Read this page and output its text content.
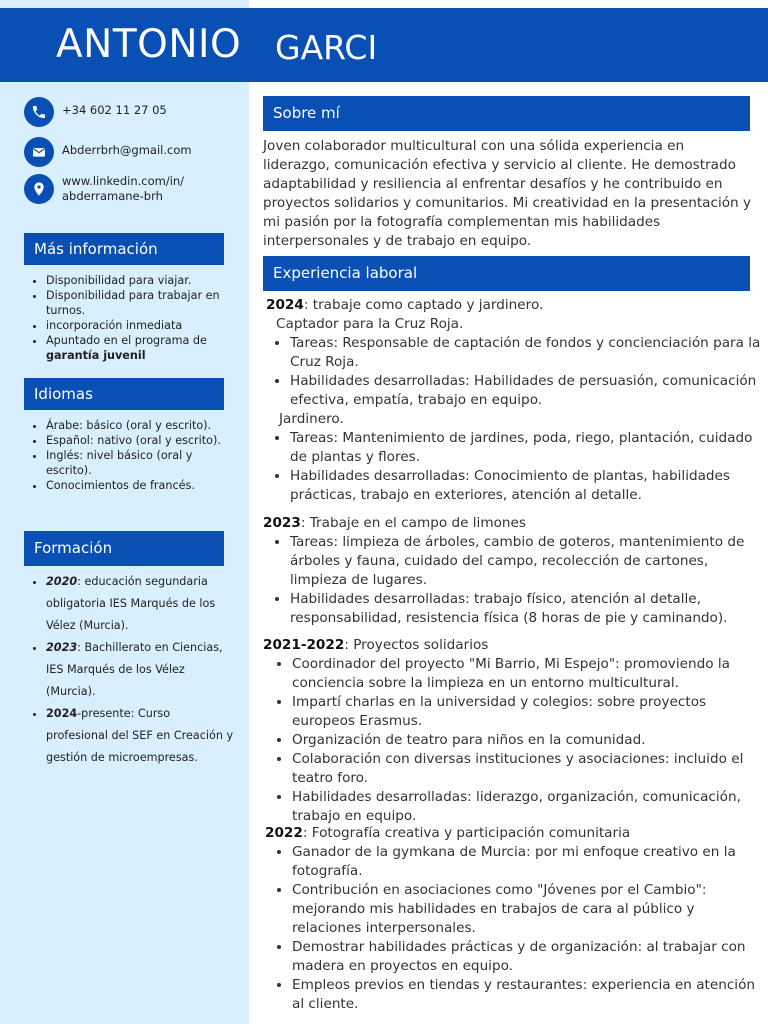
ANTONIO GARCI
+34 602 11 27 05
Abderrbrh@gmail.com
www.linkedin.com/in/
abderramane-brh
Más información
• Disponibilidad para viajar.
• Disponibilidad para trabajar en turnos.
• incorporación inmediata
• Apuntado en el programa de garantía juvenil
Idiomas
• Árabe: básico (oral y escrito).
• Español: nativo (oral y escrito).
• Inglés: nivel básico (oral y escrito).
• Conocimientos de francés.
Formación
• 2020: educación segundaria obligatoria IES Marqués de los Vélez (Murcia).
• 2023: Bachillerato en Ciencias, IES Marqués de los Vélez (Murcia).
• 2024-presente: Curso profesional del SEF en Creación y gestión de microempresas.
Sobre mí
Joven colaborador multicultural con una sólida experiencia en liderazgo, comunicación efectiva y servicio al cliente. He demostrado adaptabilidad y resiliencia al enfrentar desafíos y he contribuido en proyectos solidarios y comunitarios. Mi creatividad en la presentación y mi pasión por la fotografía complementan mis habilidades interpersonales y de trabajo en equipo.
Experiencia laboral
2024: trabaje como captado y jardinero.
Captador para la Cruz Roja.
• Tareas: Responsable de captación de fondos y concienciación para la Cruz Roja.
• Habilidades desarrolladas: Habilidades de persuasión, comunicación efectiva, empatía, trabajo en equipo.
Jardinero.
• Tareas: Mantenimiento de jardines, poda, riego, plantación, cuidado de plantas y flores.
• Habilidades desarrolladas: Conocimiento de plantas, habilidades prácticas, trabajo en exteriores, atención al detalle.
2023: Trabaje en el campo de limones
• Tareas: limpieza de árboles, cambio de goteros, mantenimiento de árboles y fauna, cuidado del campo, recolección de cartones, limpieza de lugares.
• Habilidades desarrolladas: trabajo físico, atención al detalle, responsabilidad, resistencia física (8 horas de pie y caminando).
2021-2022: Proyectos solidarios
• Coordinador del proyecto "Mi Barrio, Mi Espejo": promoviendo la conciencia sobre la limpieza en un entorno multicultural.
• Impartí charlas en la universidad y colegios: sobre proyectos europeos Erasmus.
• Organización de teatro para niños en la comunidad.
• Colaboración con diversas instituciones y asociaciones: incluido el teatro foro.
• Habilidades desarrolladas: liderazgo, organización, comunicación, trabajo en equipo.
2022: Fotografía creativa y participación comunitaria
• Ganador de la gymkana de Murcia: por mi enfoque creativo en la fotografía.
• Contribución en asociaciones como "Jóvenes por el Cambio": mejorando mis habilidades en trabajos de cara al público y relaciones interpersonales.
• Demostrar habilidades prácticas y de organización: al trabajar con madera en proyectos en equipo.
• Empleos previos en tiendas y restaurantes: experiencia en atención al cliente.
